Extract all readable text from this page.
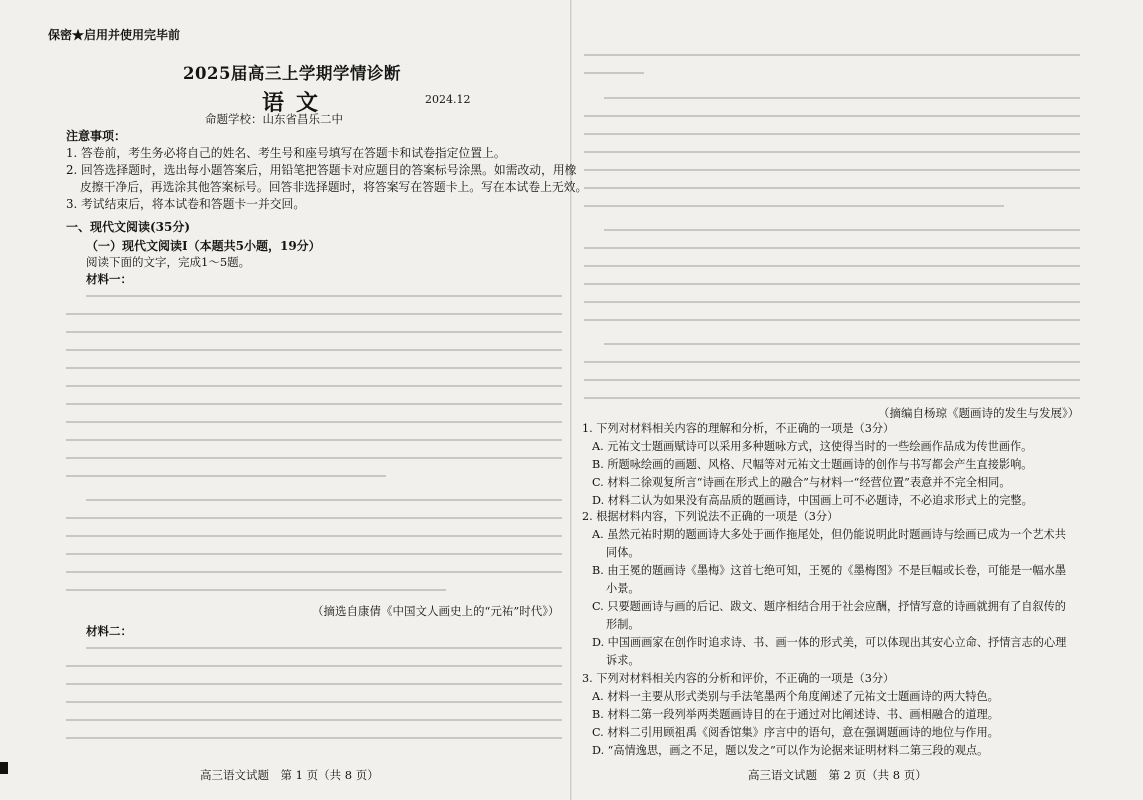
保密★启用并使用完毕前
2025届高三上学期学情诊断
语文	2024.12
命题学校：山东省昌乐二中
注意事项：
1. 答卷前，考生务必将自己的姓名、考生号和座号填写在答题卡和试卷指定位置上。
2. 回答选择题时，选出每小题答案后，用铅笔把答题卡对应题目的答案标号涂黑。如需改动，用橡
皮擦干净后，再选涂其他答案标号。回答非选择题时，将答案写在答题卡上。写在本试卷上无效。
3. 考试结束后，将本试卷和答题卡一并交回。
一、现代文阅读(35分)
（一）现代文阅读Ⅰ（本题共5小题，19分）
阅读下面的文字，完成1～5题。
材料一：
（摘选自康倩《中国文人画史上的“元祐”时代》）
材料二：
高三语文试题　第 1 页（共 8 页）
（摘编自杨琼《题画诗的发生与发展》）
1. 下列对材料相关内容的理解和分析，不正确的一项是（3分）
A. 元祐文士题画赋诗可以采用多种题咏方式，这使得当时的一些绘画作品成为传世画作。
B. 所题咏绘画的画题、风格、尺幅等对元祐文士题画诗的创作与书写都会产生直接影响。
C. 材料二徐观复所言“诗画在形式上的融合”与材料一“经营位置”表意并不完全相同。
D. 材料二认为如果没有高品质的题画诗，中国画上可不必题诗，不必追求形式上的完整。
2. 根据材料内容，下列说法不正确的一项是（3分）
A. 虽然元祐时期的题画诗大多处于画作拖尾处，但仍能说明此时题画诗与绘画已成为一个艺术共
同体。
B. 由王冕的题画诗《墨梅》这首七绝可知，王冕的《墨梅图》不是巨幅或长卷，可能是一幅水墨
小景。
C. 只要题画诗与画的后记、跋文、题序相结合用于社会应酬，抒情写意的诗画就拥有了自叙传的
形制。
D. 中国画画家在创作时追求诗、书、画一体的形式美，可以体现出其安心立命、抒情言志的心理
诉求。
3. 下列对材料相关内容的分析和评价，不正确的一项是（3分）
A. 材料一主要从形式类别与手法笔墨两个角度阐述了元祐文士题画诗的两大特色。
B. 材料二第一段列举两类题画诗目的在于通过对比阐述诗、书、画相融合的道理。
C. 材料二引用顾祖禹《阅香馆集》序言中的语句，意在强调题画诗的地位与作用。
D. “高情逸思，画之不足，题以发之”可以作为论据来证明材料二第三段的观点。
高三语文试题　第 2 页（共 8 页）
